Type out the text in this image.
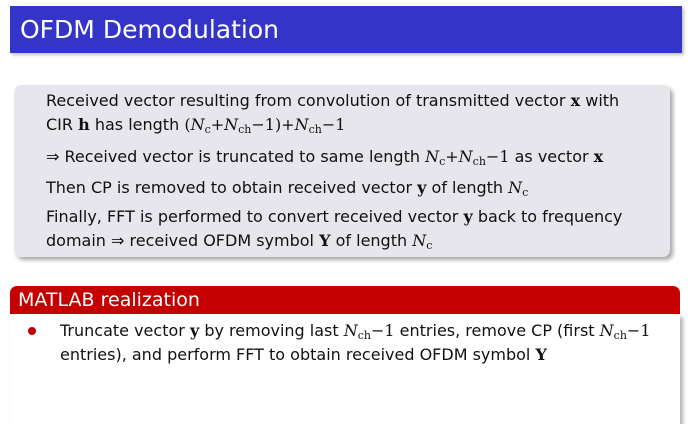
OFDM Demodulation
Received vector resulting from convolution of transmitted vector x with
CIR h has length $(N_c+N_{ch}-1)+N_{ch}-1$
⇒ Received vector is truncated to same length $N_c+N_{ch}-1$ as vector x
Then CP is removed to obtain received vector y of length $N_c$
Finally, FFT is performed to convert received vector y back to frequency
domain ⇒ received OFDM symbol Y of length $N_c$
MATLAB realization
Truncate vector y by removing last $N_{ch}-1$ entries, remove CP (first $N_{ch}-1$
entries), and perform FFT to obtain received OFDM symbol Y
